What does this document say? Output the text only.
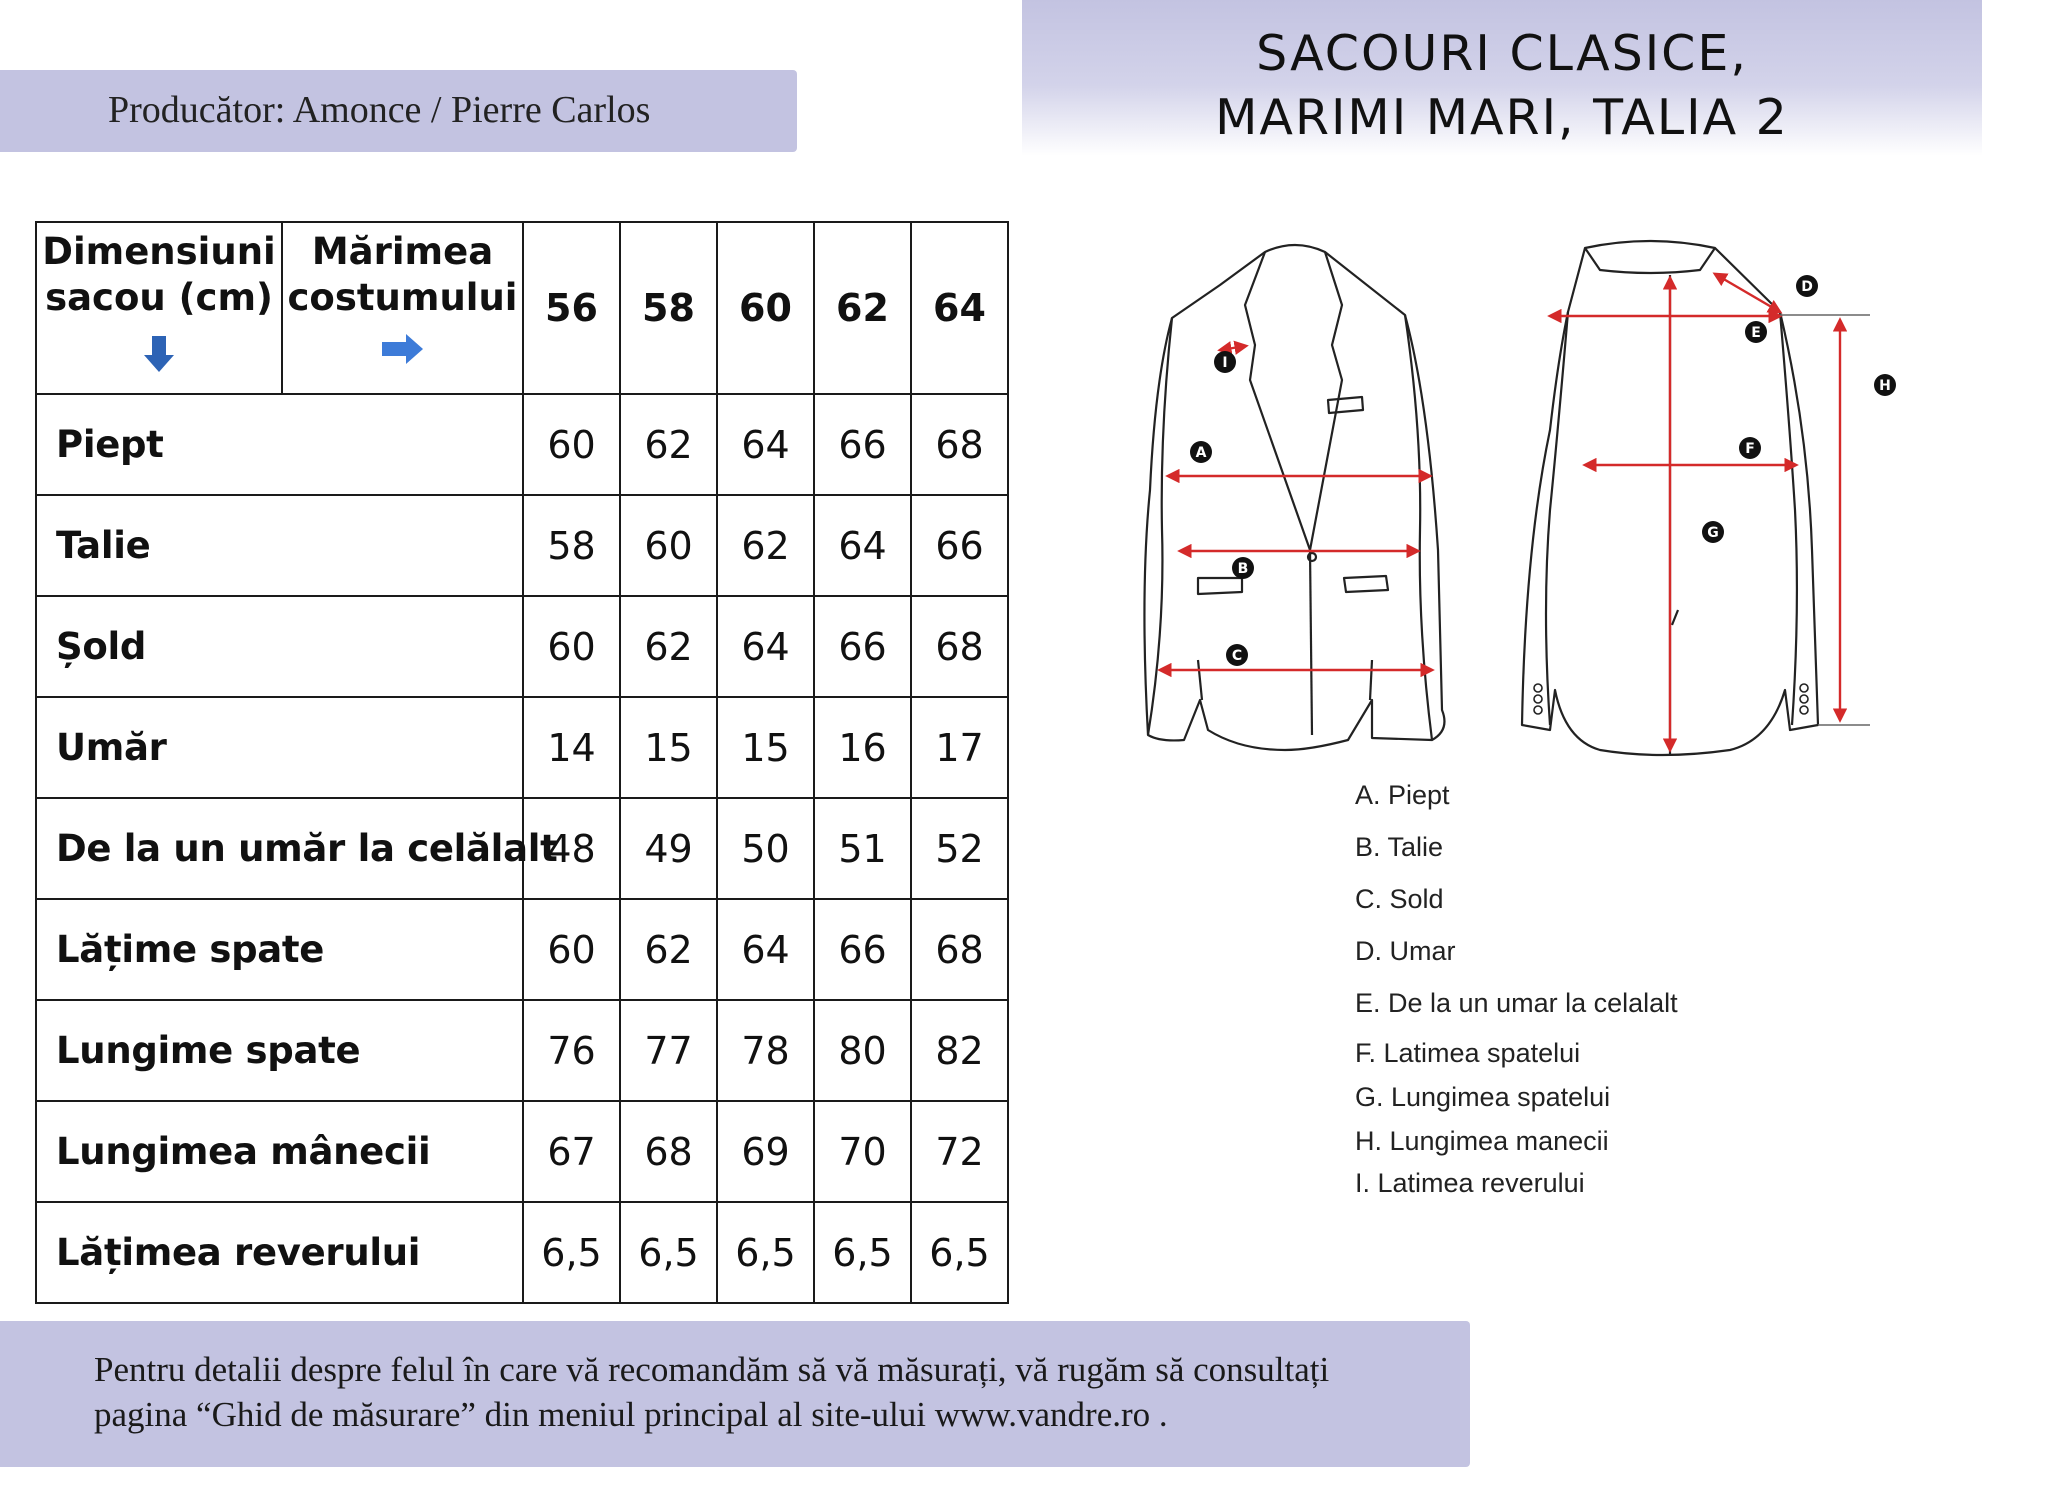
Producător: Amonce / Pierre Carlos
SACOURI CLASICE,
MARIMI MARI, TALIA 2
Dimensiuni sacou (cm)	Mărimea costumului	56	58	60	62	64
Piept		60	62	64	66	68
Talie		58	60	62	64	66
Șold		60	62	64	66	68
Umăr		14	15	15	16	17
De la un umăr la celălalt		48	49	50	51	52
Lățime spate		60	62	64	66	68
Lungime spate		76	77	78	80	82
Lungimea mânecii		67	68	69	70	72
Lățimea reverului		6,5	6,5	6,5	6,5	6,5
A
B
C
D
E
F
G
H
I
A. Piept
B. Talie
C. Sold
D. Umar
E. De la un umar la celalalt
F. Latimea spatelui
G. Lungimea spatelui
H. Lungimea manecii
I. Latimea reverului
Pentru detalii despre felul în care vă recomandăm să vă măsurați, vă rugăm să consultați
pagina “Ghid de măsurare” din meniul principal al site-ului www.vandre.ro .
